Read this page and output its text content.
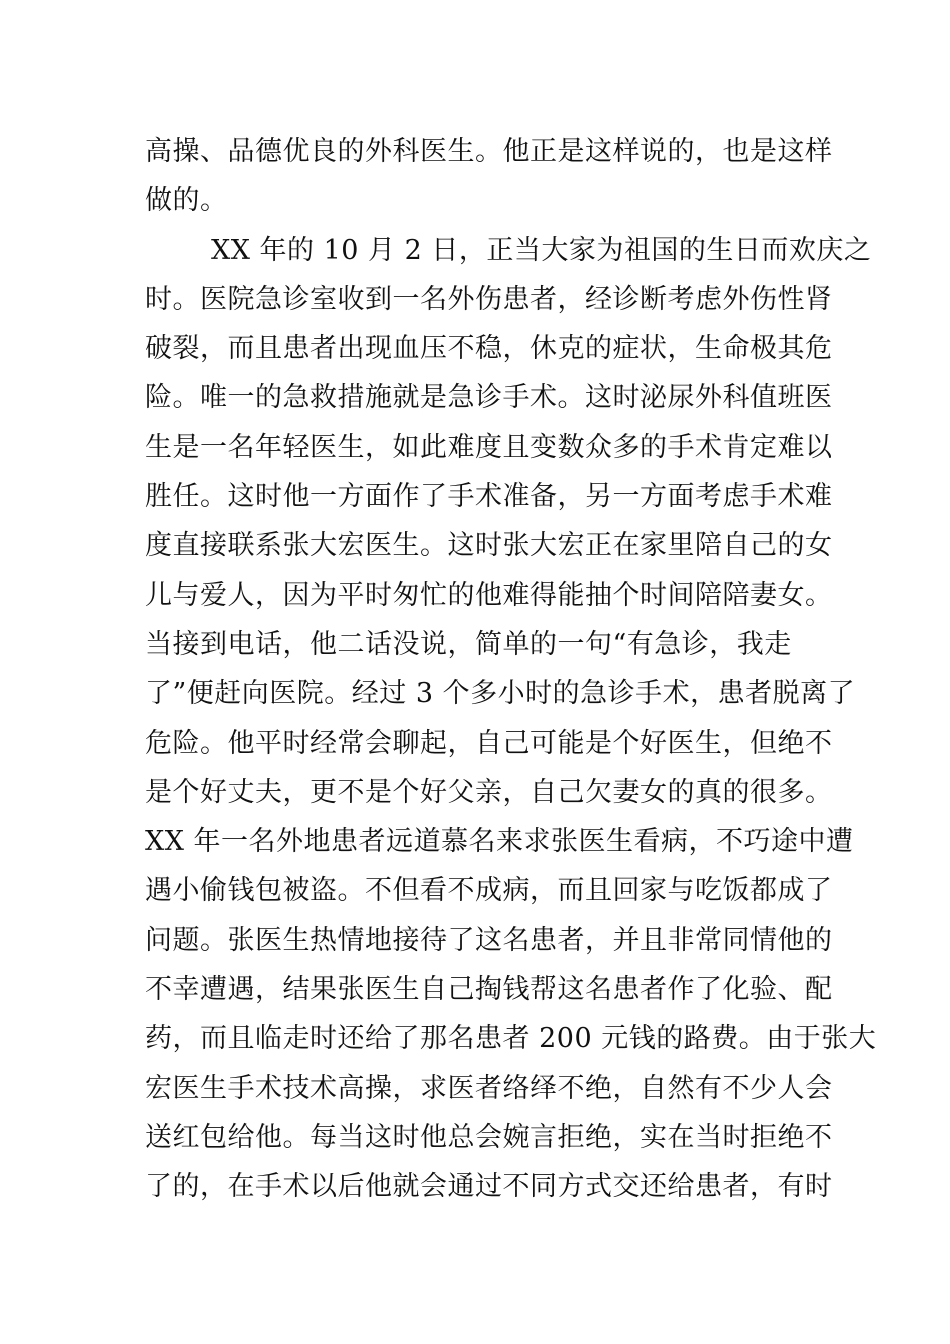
高操、品德优良的外科医生。他正是这样说的，也是这样
做的。
XX 年的 10 月 2 日，正当大家为祖国的生日而欢庆之
时。医院急诊室收到一名外伤患者，经诊断考虑外伤性肾
破裂，而且患者出现血压不稳，休克的症状，生命极其危
险。唯一的急救措施就是急诊手术。这时泌尿外科值班医
生是一名年轻医生，如此难度且变数众多的手术肯定难以
胜任。这时他一方面作了手术准备，另一方面考虑手术难
度直接联系张大宏医生。这时张大宏正在家里陪自己的女
儿与爱人，因为平时匆忙的他难得能抽个时间陪陪妻女。
当接到电话，他二话没说，简单的一句“有急诊，我走
了”便赶向医院。经过 3 个多小时的急诊手术，患者脱离了
危险。他平时经常会聊起，自己可能是个好医生，但绝不
是个好丈夫，更不是个好父亲，自己欠妻女的真的很多。
XX 年一名外地患者远道慕名来求张医生看病，不巧途中遭
遇小偷钱包被盗。不但看不成病，而且回家与吃饭都成了
问题。张医生热情地接待了这名患者，并且非常同情他的
不幸遭遇，结果张医生自己掏钱帮这名患者作了化验、配
药，而且临走时还给了那名患者 200 元钱的路费。由于张大
宏医生手术技术高操，求医者络绎不绝，自然有不少人会
送红包给他。每当这时他总会婉言拒绝，实在当时拒绝不
了的，在手术以后他就会通过不同方式交还给患者，有时
